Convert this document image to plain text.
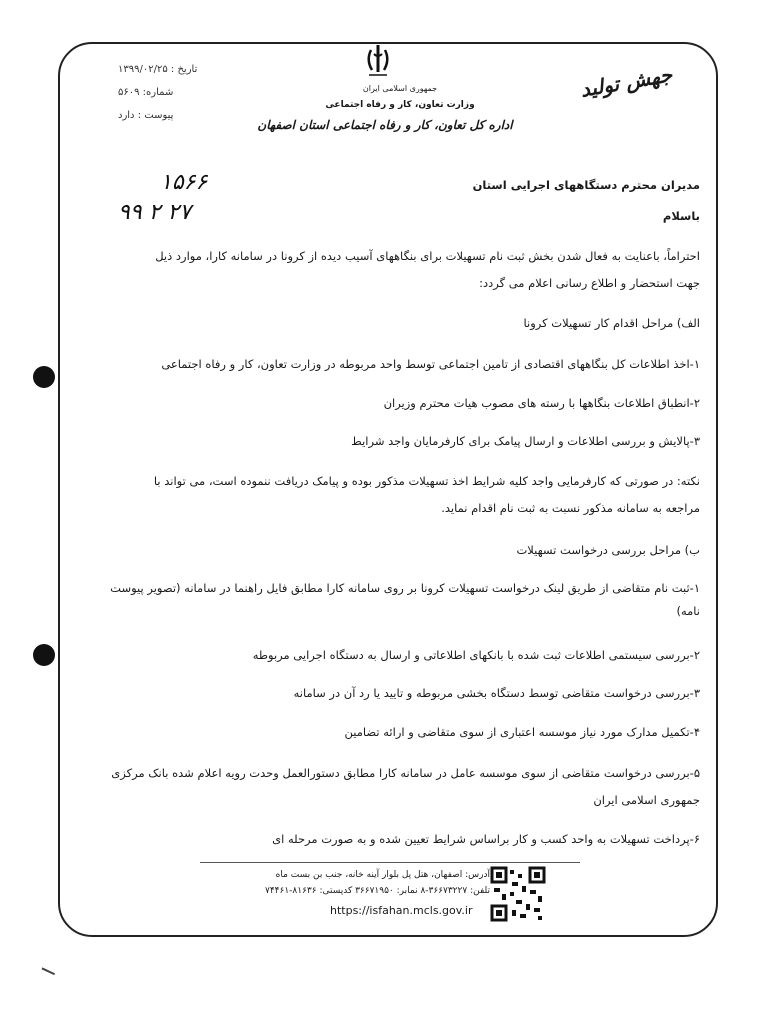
تاریخ : ۱۳۹۹/۰۲/۲۵
شماره: ۵۶۰۹
پیوست : دارد
جمهوری اسلامی ایران
وزارت تعاون، کار و رفاه اجتماعی
اداره کل تعاون، کار و رفاه اجتماعی استان اصفهان
جهش تولید
۱۵۶۶
۹۹ ۲ ۲۷
مدیران محترم دستگاههای اجرایی استان
باسلام
احتراماً، باعنایت به فعال شدن بخش ثبت نام تسهیلات برای بنگاههای آسیب دیده از کرونا در سامانه کارا، موارد ذیل
جهت استحضار و اطلاع رسانی اعلام می گردد:
الف) مراحل اقدام کار تسهیلات کرونا
۱-اخذ اطلاعات کل بنگاههای اقتصادی از تامین اجتماعی توسط واحد مربوطه در وزارت تعاون، کار و رفاه اجتماعی
۲-انطباق اطلاعات بنگاهها با رسته های مصوب هیات محترم وزیران
۳-پالایش و بررسی اطلاعات و ارسال پیامک برای کارفرمایان واجد شرایط
نکته: در صورتی که کارفرمایی واجد کلیه شرایط اخذ تسهیلات مذکور بوده و پیامک دریافت ننموده است، می تواند با
مراجعه به سامانه مذکور نسبت به ثبت نام اقدام نماید.
ب) مراحل بررسی درخواست تسهیلات
۱-ثبت نام متقاضی از طریق لینک درخواست تسهیلات کرونا بر روی سامانه کارا مطابق فایل راهنما در سامانه (تصویر پیوست
نامه)
۲-بررسی سیستمی اطلاعات ثبت شده با بانکهای اطلاعاتی و ارسال به دستگاه اجرایی مربوطه
۳-بررسی درخواست متقاضی توسط دستگاه بخشی مربوطه و تایید یا رد آن در سامانه
۴-تکمیل مدارک مورد نیاز موسسه اعتباری از سوی متقاضی و ارائه تضامین
۵-بررسی درخواست متقاضی از سوی موسسه عامل در سامانه کارا مطابق دستورالعمل وحدت رویه اعلام شده بانک مرکزی
جمهوری اسلامی ایران
۶-پرداخت تسهیلات به واحد کسب و کار براساس شرایط تعیین شده و به صورت مرحله ای
آدرس: اصفهان، هتل پل بلوار آینه خانه، جنب بن بست ماه
تلفن: ۳۶۶۷۳۲۲۷-۸ نمابر: ۳۶۶۷۱۹۵۰ کدپستی: ۸۱۶۳۶-۷۴۴۶۱
https://isfahan.mcls.gov.ir
